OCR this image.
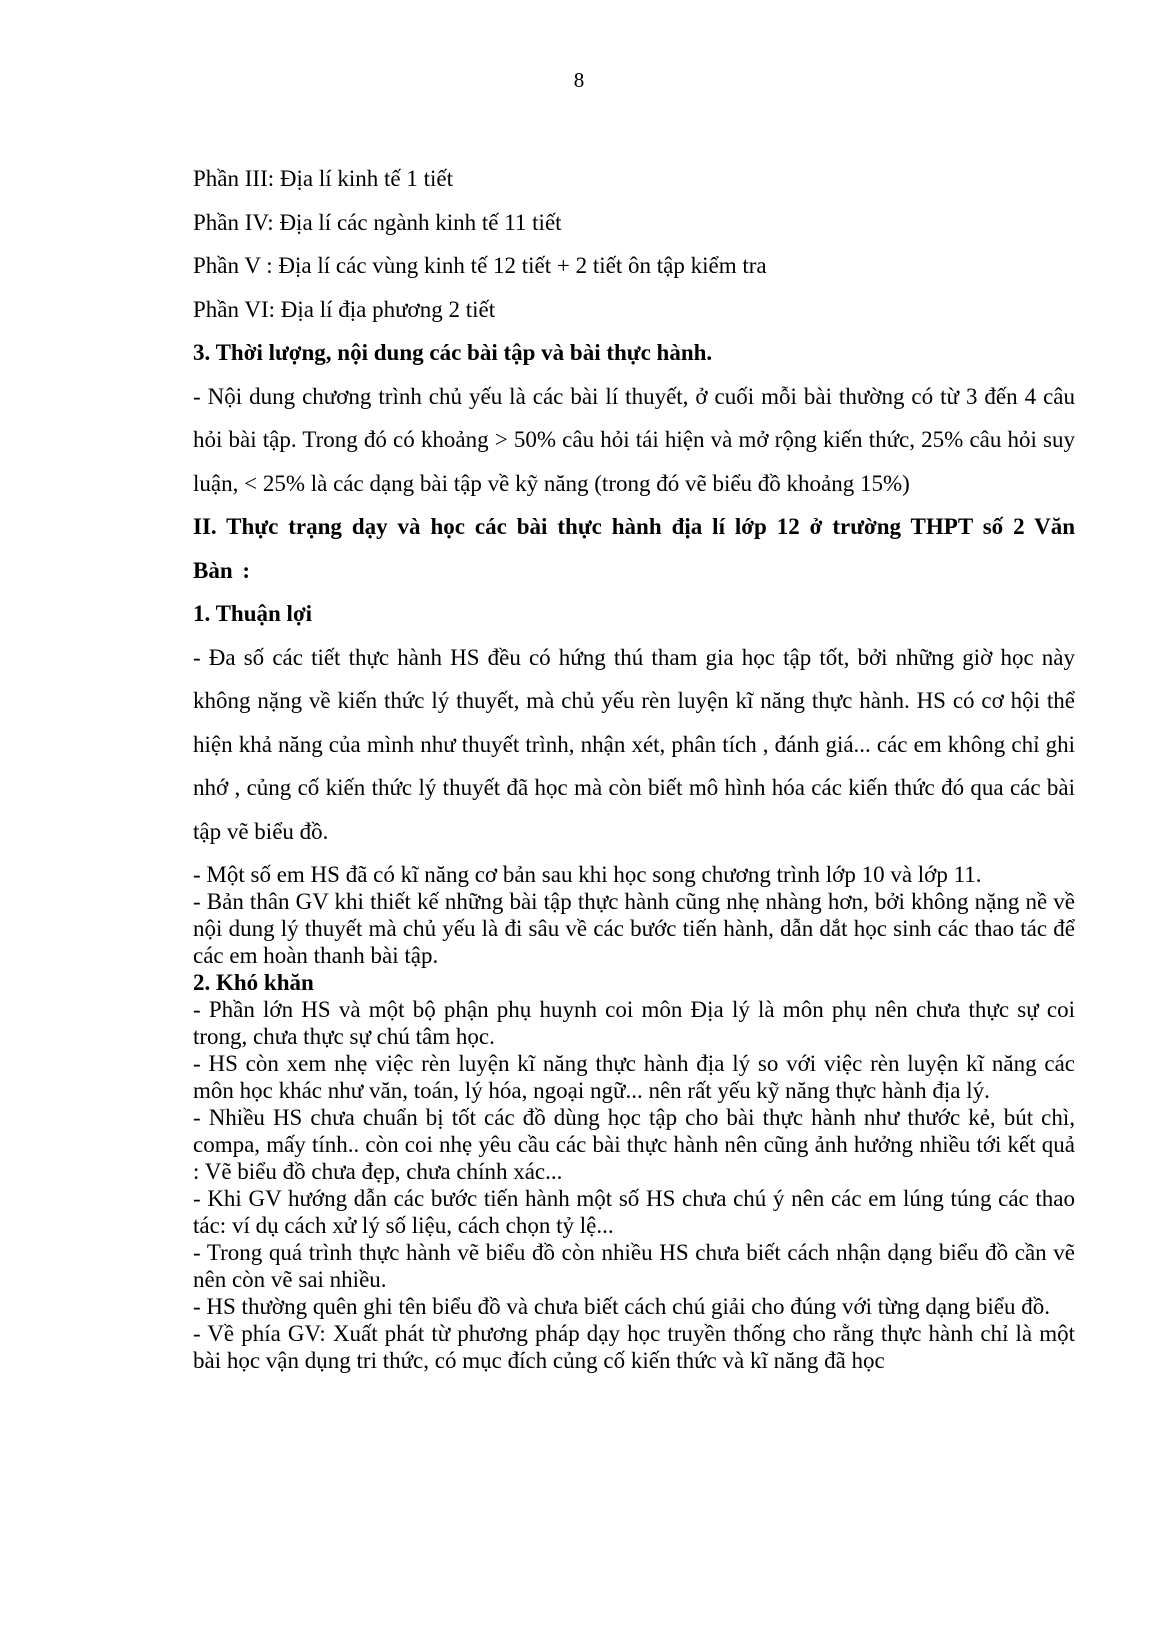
8

Phần III: Địa lí kinh tế 1 tiết

Phần IV: Địa lí các ngành kinh tế 11 tiết

Phần V : Địa lí các vùng kinh tế 12 tiết + 2 tiết ôn tập kiểm tra

Phần VI: Địa lí địa phương 2 tiết

3. Thời lượng, nội dung các bài tập và bài thực hành.

- Nội dung chương trình chủ yếu là các bài lí thuyết, ở cuối mỗi bài thường có từ 3 đến 4 câu hỏi bài tập. Trong đó có khoảng > 50% câu hỏi tái hiện và mở rộng kiến thức, 25% câu hỏi suy luận, < 25% là các dạng bài tập về kỹ năng (trong đó vẽ biểu đồ khoảng 15%)

II. Thực trạng dạy và học các bài thực hành địa lí lớp 12 ở trường THPT số 2 Văn Bàn :
1. Thuận lợi

- Đa số các tiết thực hành HS đều có hứng thú tham gia học tập tốt, bởi những giờ học này không nặng về kiến thức lý thuyết, mà chủ yếu rèn luyện kĩ năng thực hành. HS có cơ hội thể hiện khả năng của mình như thuyết trình, nhận xét, phân tích , đánh giá... các em không chỉ ghi nhớ , củng cố kiến thức lý thuyết đã học mà còn biết mô hình hóa các kiến thức đó qua các bài tập vẽ biểu đồ.

- Một số em HS đã có kĩ năng cơ bản sau khi học song chương trình lớp 10 và lớp 11.

- Bản thân GV khi thiết kế những bài tập thực hành cũng nhẹ nhàng hơn, bởi không nặng nề về nội dung lý thuyết mà chủ yếu là đi sâu về các bước tiến hành, dẫn dắt học sinh các thao tác để các em hoàn thanh bài tập.

2. Khó khăn

- Phần lớn HS và một bộ phận phụ huynh coi môn Địa lý là môn phụ nên chưa thực sự coi trong, chưa thực sự chú tâm học.

- HS còn xem nhẹ việc rèn luyện kĩ năng thực hành địa lý so với việc rèn luyện kĩ năng các môn học khác như văn, toán, lý hóa, ngoại ngữ... nên rất yếu kỹ năng thực hành địa lý.

- Nhiều HS chưa chuẩn bị tốt các đồ dùng học tập cho bài thực hành như thước kẻ, bút chì, compa, mấy tính.. còn coi nhẹ yêu cầu các bài thực hành nên cũng ảnh hưởng nhiều tới kết quả : Vẽ biểu đồ chưa đẹp, chưa chính xác...

- Khi GV hướng dẫn các bước tiến hành một số HS chưa chú ý nên các em lúng túng các thao tác: ví dụ cách xử lý số liệu, cách chọn tỷ lệ...

- Trong quá trình thực hành vẽ biểu đồ còn nhiều HS chưa biết cách nhận dạng biểu đồ cần vẽ nên còn vẽ sai nhiều.

- HS thường quên ghi tên biểu đồ và chưa biết cách chú giải cho đúng với từng dạng biểu đồ.

- Về phía GV: Xuất phát từ phương pháp dạy học truyền thống cho rằng thực hành chỉ là một bài học vận dụng tri thức, có mục đích củng cố kiến thức và kĩ năng đã học
